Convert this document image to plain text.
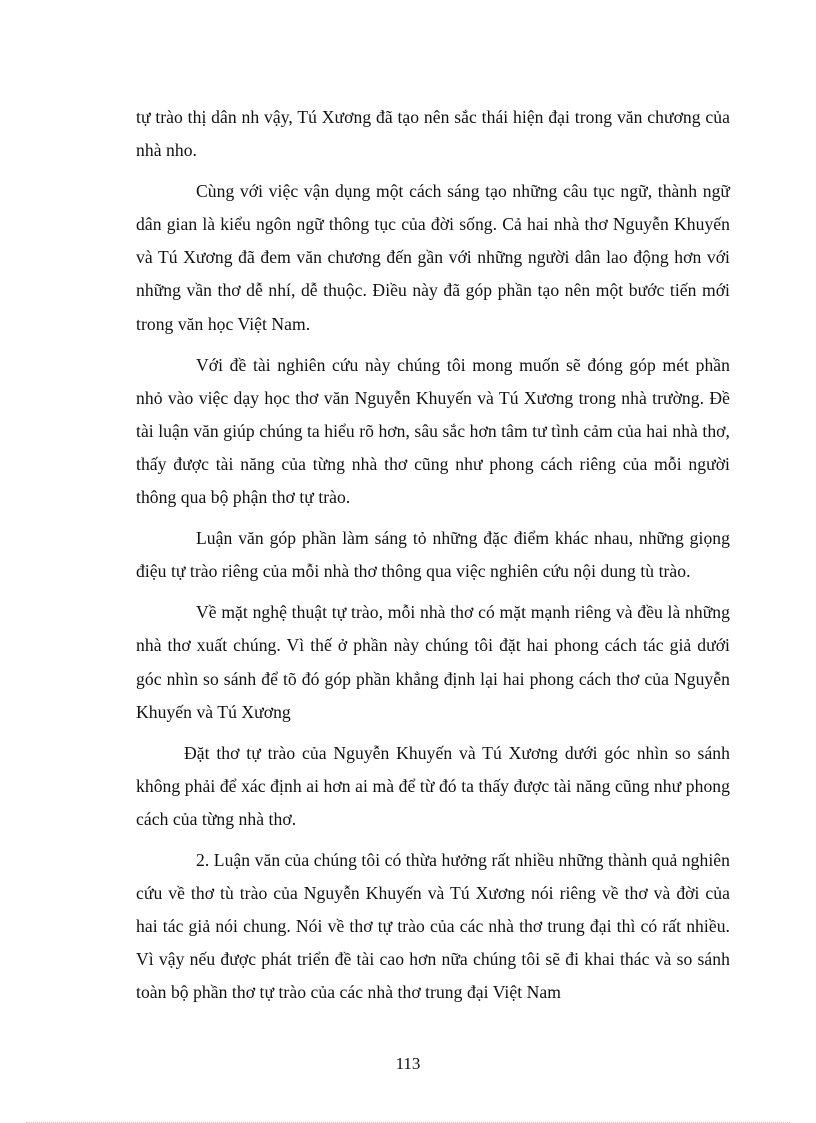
tự trào thị dân nh vậy, Tú Xương đã tạo nên sắc thái hiện đại trong văn chương của nhà nho.

Cùng với việc vận dụng một cách sáng tạo những câu tục ngữ, thành ngữ dân gian là kiểu ngôn ngữ thông tục của đời sống. Cả hai nhà thơ Nguyễn Khuyến và Tú Xương đã đem văn chương đến gần với những người dân lao động hơn với những vần thơ dễ nhí, dễ thuộc. Điều này đã góp phần tạo nên một bước tiến mới trong văn học Việt Nam.

Với đề tài nghiên cứu này chúng tôi mong muốn sẽ đóng góp mét phần nhỏ vào việc dạy học thơ văn Nguyễn Khuyến và Tú Xương trong nhà trường. Đề tài luận văn giúp chúng ta hiểu rõ hơn, sâu sắc hơn tâm tư tình cảm của hai nhà thơ, thấy được tài năng của từng nhà thơ cũng như phong cách riêng của mỗi người thông qua bộ phận thơ tự trào.

Luận văn góp phần làm sáng tỏ những đặc điểm khác nhau, những giọng điệu tự trào riêng của mỗi nhà thơ thông qua việc nghiên cứu nội dung tù trào.

Về mặt nghệ thuật tự trào, mỗi nhà thơ có mặt mạnh riêng và đều là những nhà thơ xuất chúng. Vì thế ở phần này chúng tôi đặt hai phong cách tác giả dưới góc nhìn so sánh để tõ đó góp phần khẳng định lại hai phong cách thơ của Nguyễn Khuyến và Tú Xương

Đặt thơ tự trào của Nguyễn Khuyến và Tú Xương dưới góc nhìn so sánh không phải để xác định ai hơn ai mà để từ đó ta thấy được tài năng cũng như phong cách của từng nhà thơ.

2. Luận văn của chúng tôi có thừa hưởng rất nhiều những thành quả nghiên cứu về thơ tù trào của Nguyễn Khuyến và Tú Xương nói riêng về thơ và đời của hai tác giả nói chung. Nói về thơ tự trào của các nhà thơ trung đại thì có rất nhiều. Vì vậy nếu được phát triển đề tài cao hơn nữa chúng tôi sẽ đi khai thác và so sánh toàn bộ phần thơ tự trào của các nhà thơ trung đại Việt Nam

113
